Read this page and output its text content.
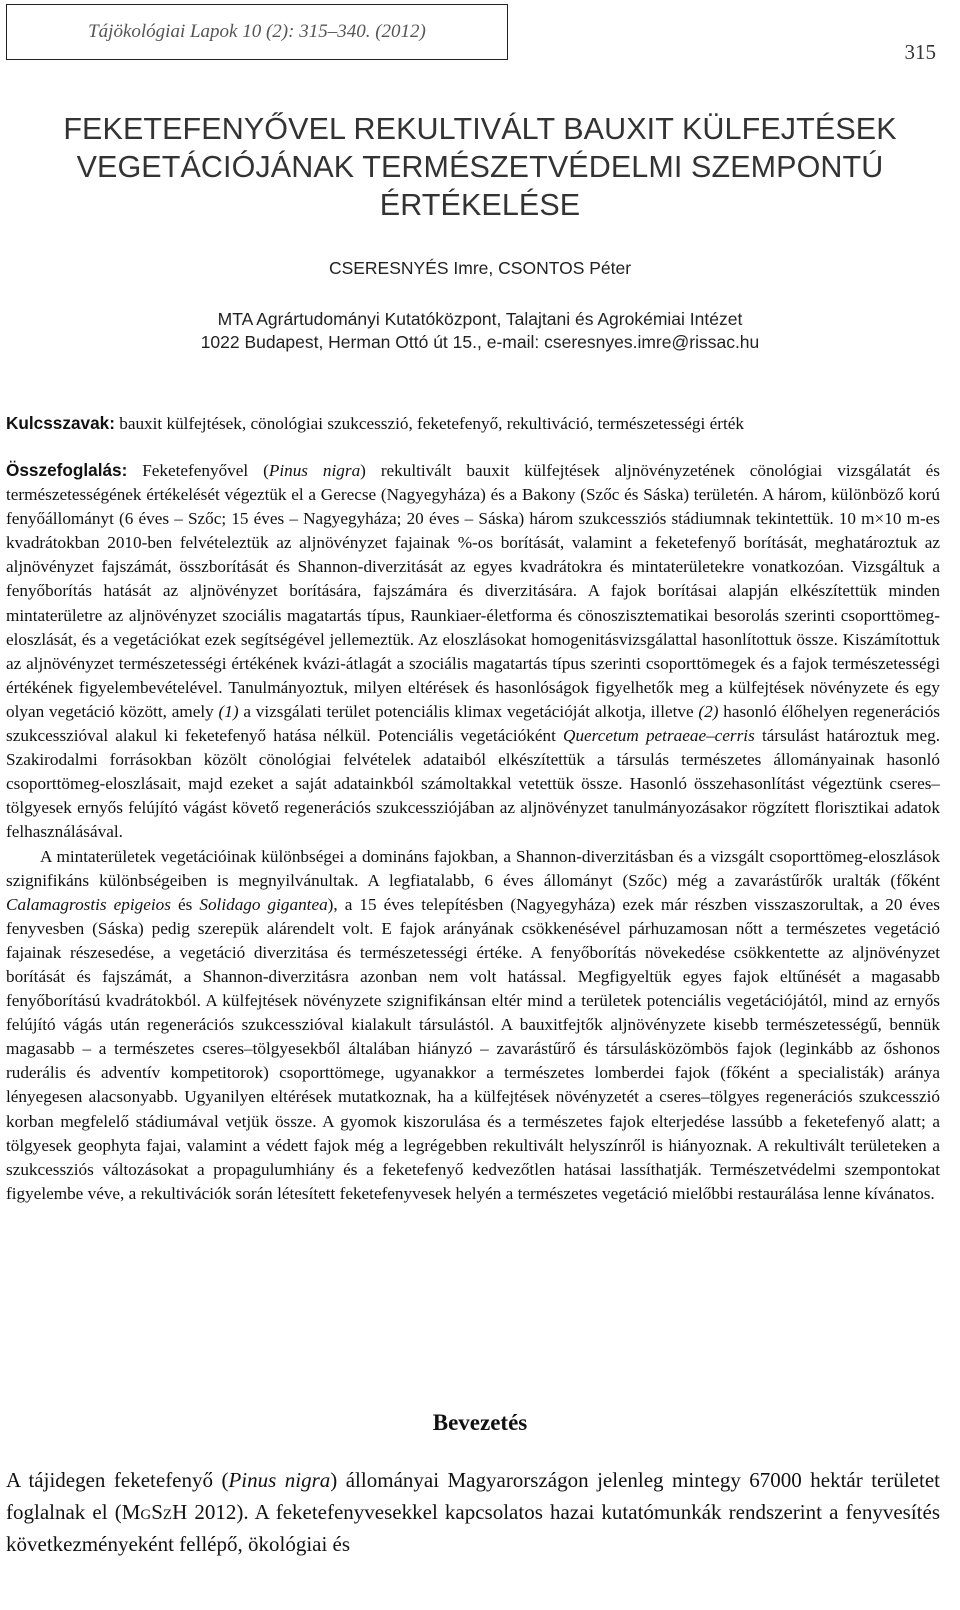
Tájökológiai Lapok 10 (2): 315–340. (2012)
315
FEKETEFENYŐVEL REKULTIVÁLT BAUXIT KÜLFEJTÉSEK
VEGETÁCIÓJÁNAK TERMÉSZETVÉDELMI SZEMPONTÚ
ÉRTÉKELÉSE
CSERESNYÉS Imre, CSONTOS Péter
MTA Agrártudományi Kutatóközpont, Talajtani és Agrokémiai Intézet
1022 Budapest, Herman Ottó út 15., e-mail: cseresnyes.imre@rissac.hu
Kulcsszavak: bauxit külfejtések, cönológiai szukcesszió, feketefenyő, rekultiváció, természetességi érték

Összefoglalás: Feketefenyővel (Pinus nigra) rekultivált bauxit külfejtések aljnövényzetének cönológiai vizsgálatát és természetességének értékelését végeztük el a Gerecse (Nagyegyháza) és a Bakony (Szőc és Sáska) területén. A három, különböző korú fenyőállományt (6 éves – Szőc; 15 éves – Nagyegyháza; 20 éves – Sáska) három szukcessziós stádiumnak tekintettük. 10 m×10 m-es kvadrátokban 2010-ben felvételeztük az aljnövényzet fajainak %-os borítását, valamint a feketefenyő borítását, meghatároztuk az aljnövényzet fajszámát, összborítását és Shannon-diverzitását az egyes kvadrátokra és mintaterületekre vonatkozóan. Vizsgáltuk a fenyőborítás hatását az aljnövényzet borítására, fajszámára és diverzitására. A fajok borításai alapján elkészítettük minden mintaterületre az aljnövényzet szociális magatartás típus, Raunkiaer-életforma és cönoszisztematikai besorolás szerinti csoporttömeg-eloszlását, és a vegetációkat ezek segítségével jellemeztük. Az eloszlásokat homogenitásvizsgálattal hasonlítottuk össze. Kiszámítottuk az aljnövényzet természetességi értékének kvázi-átlagát a szociális magatartás típus szerinti csoporttömegek és a fajok természetességi értékének figyelembevételével. Tanulmányoztuk, milyen eltérések és hasonlóságok figyelhetők meg a külfejtések növényzete és egy olyan vegetáció között, amely (1) a vizsgálati terület potenciális klimax vegetációját alkotja, illetve (2) hasonló élőhelyen regenerációs szukcesszióval alakul ki feketefenyő hatása nélkül. Potenciális vegetációként Quercetum petraeae–cerris társulást határoztuk meg. Szakirodalmi forrásokban közölt cönológiai felvételek adataiból elkészítettük a társulás természetes állományainak hasonló csoporttömeg-eloszlásait, majd ezeket a saját adatainkból számoltakkal vetettük össze. Hasonló összehasonlítást végeztünk cseres–tölgyesek ernyős felújító vágást követő regenerációs szukcessziójában az aljnövényzet tanulmányozásakor rögzített florisztikai adatok felhasználásával.

A mintaterületek vegetációinak különbségei a domináns fajokban, a Shannon-diverzitásban és a vizsgált csoporttömeg-eloszlások szignifikáns különbségeiben is megnyilvánultak. A legfiatalabb, 6 éves állományt (Szőc) még a zavarástűrők uralták (főként Calamagrostis epigeios és Solidago gigantea), a 15 éves telepítésben (Nagyegyháza) ezek már részben visszaszorultak, a 20 éves fenyvesben (Sáska) pedig szerepük alárendelt volt. E fajok arányának csökkenésével párhuzamosan nőtt a természetes vegetáció fajainak részesedése, a vegetáció diverzitása és természetességi értéke. A fenyőborítás növekedése csökkentette az aljnövényzet borítását és fajszámát, a Shannon-diverzitásra azonban nem volt hatással. Megfigyeltük egyes fajok eltűnését a magasabb fenyőborítású kvadrátokból. A külfejtések növényzete szignifikánsan eltér mind a területek potenciális vegetációjától, mind az ernyős felújító vágás után regenerációs szukcesszióval kialakult társulástól. A bauxitfejtők aljnövényzete kisebb természetességű, bennük magasabb – a természetes cseres–tölgyesekből általában hiányzó – zavarástűrő és társulásközömbös fajok (leginkább az őshonos ruderális és adventív kompetitorok) csoporttömege, ugyanakkor a természetes lomberdei fajok (főként a specialisták) aránya lényegesen alacsonyabb. Ugyanilyen eltérések mutatkoznak, ha a külfejtések növényzetét a cseres–tölgyes regenerációs szukcesszió korban megfelelő stádiumával vetjük össze. A gyomok kiszorulása és a természetes fajok elterjedése lassúbb a feketefenyő alatt; a tölgyesek geophyta fajai, valamint a védett fajok még a legrégebben rekultivált helyszínről is hiányoznak. A rekultivált területeken a szukcessziós változásokat a propagulumhiány és a feketefenyő kedvezőtlen hatásai lassíthatják. Természetvédelmi szempontokat figyelembe véve, a rekultivációk során létesített feketefenyvesek helyén a természetes vegetáció mielőbbi restaurálása lenne kívánatos.

Bevezetés

A tájidegen feketefenyő (Pinus nigra) állományai Magyarországon jelenleg mintegy 67000 hektár területet foglalnak el (MgSzH 2012). A feketefenyvesekkel kapcsolatos hazai kutatómunkák rendszerint a fenyvesítés következményeként fellépő, ökológiai és
